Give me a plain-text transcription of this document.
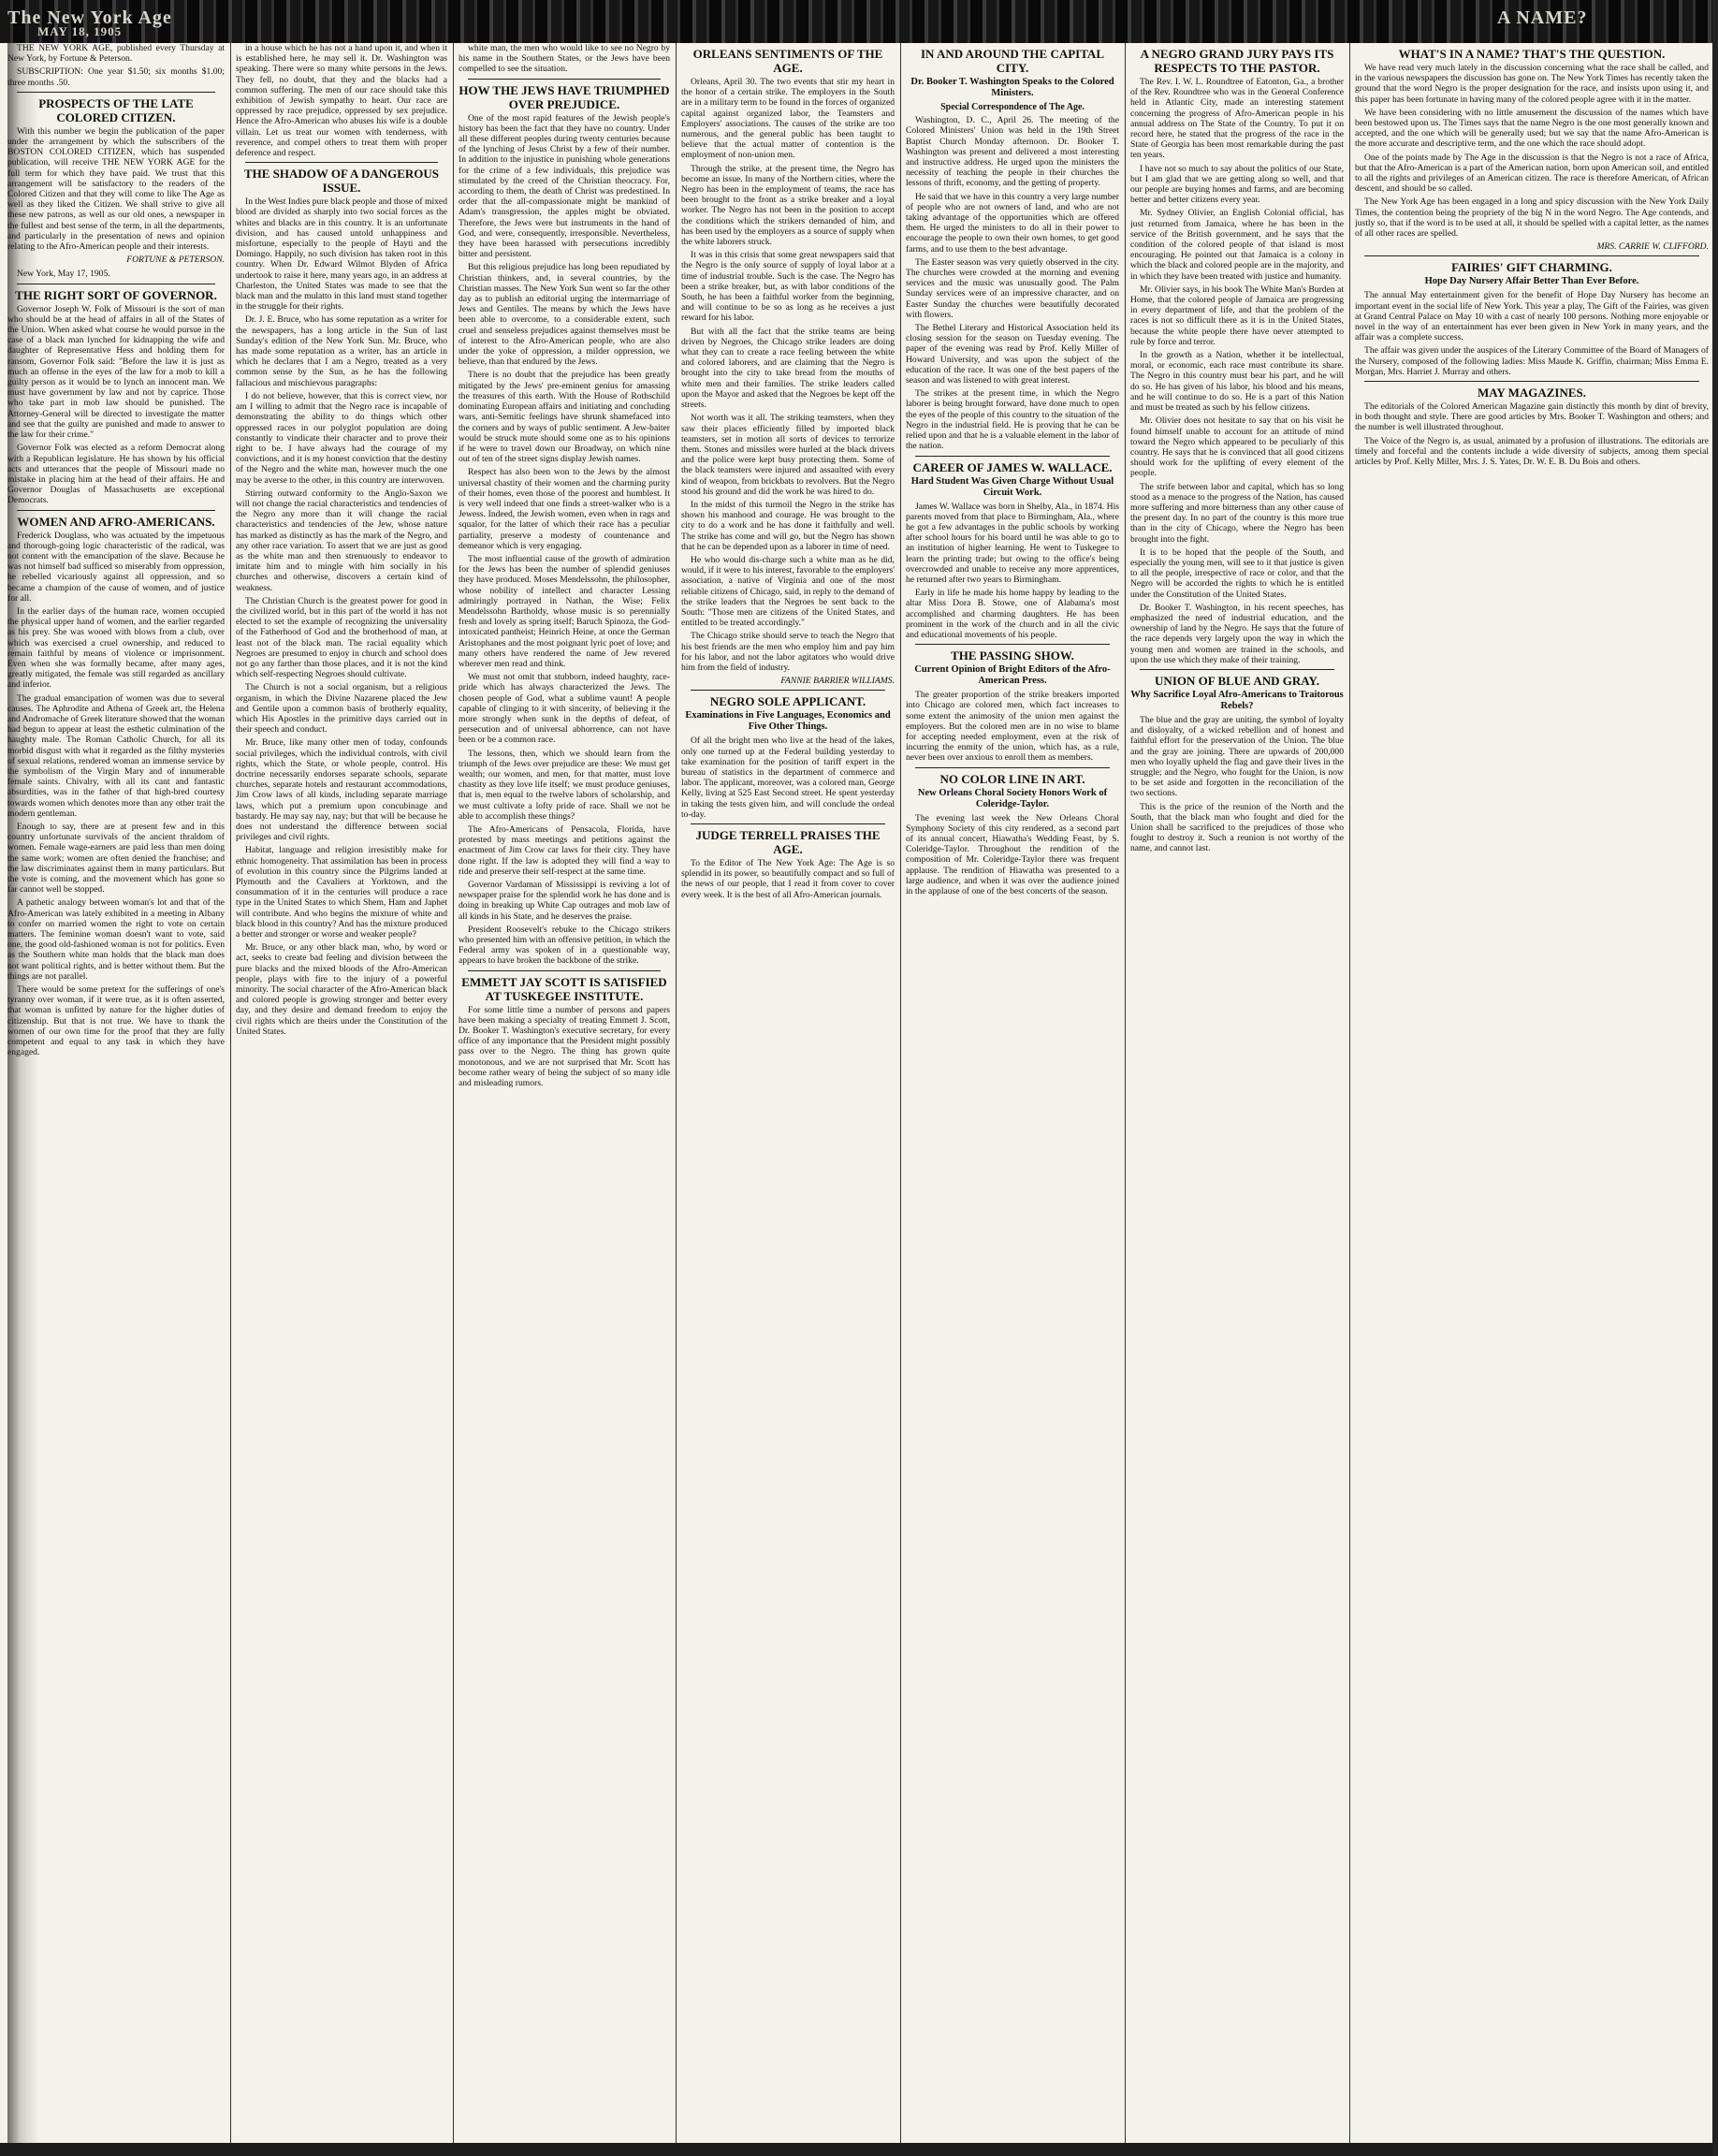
The New York Age
MAY 18, 1905
A NAME?

THE NEW YORK AGE, published every Thursday at New York, by Fortune & Peterson.

SUBSCRIPTION: One year $1.50; six months $1.00; three months .50.

PROSPECTS OF THE LATE COLORED CITIZEN.

With this number we begin the publication of the paper under the arrangement by which the subscribers of the BOSTON COLORED CITIZEN, which has suspended publication, will receive THE NEW YORK AGE for the full term for which they have paid. We trust that this arrangement will be satisfactory to the readers of the Colored Citizen and that they will come to like The Age as well as they liked the Citizen. We shall strive to give all these new patrons, as well as our old ones, a newspaper in the fullest and best sense of the term, in all the departments, and particularly in the presentation of news and opinion relating to the Afro-American people and their interests.

FORTUNE & PETERSON.

New York, May 17, 1905.

THE RIGHT SORT OF GOVERNOR.

Governor Joseph W. Folk of Missouri is the sort of man who should be at the head of affairs in all of the States of the Union. When asked what course he would pursue in the case of a black man lynched for kidnapping the wife and daughter of Representative Hess and holding them for ransom, Governor Folk said: "Before the law it is just as much an offense in the eyes of the law for a mob to kill a guilty person as it would be to lynch an innocent man. We must have government by law and not by caprice. Those who take part in mob law should be punished. The Attorney-General will be directed to investigate the matter and see that the guilty are punished and made to answer to the law for their crime."

Governor Folk was elected as a reform Democrat along with a Republican legislature. He has shown by his official acts and utterances that the people of Missouri made no mistake in placing him at the head of their affairs. He and Governor Douglas of Massachusetts are exceptional Democrats.

WOMEN AND AFRO-AMERICANS.

Frederick Douglass, who was actuated by the impetuous and thorough-going logic characteristic of the radical, was not content with the emancipation of the slave. Because he was not himself bad sufficed so miserably from oppression, he rebelled vicariously against all oppression, and so became a champion of the cause of women, and of justice for all.

In the earlier days of the human race, women occupied the physical upper hand of women, and the earlier regarded as his prey. She was wooed with blows from a club, over which was exercised a cruel ownership, and reduced to remain faithful by means of violence or imprisonment. Even when she was formally became, after many ages, greatly mitigated, the female was still regarded as ancillary and inferior.

The gradual emancipation of women was due to several causes. The Aphrodite and Athena of Greek art, the Helena and Andromache of Greek literature showed that the woman had begun to appear at least the esthetic culmination of the haughty male. The Roman Catholic Church, for all its morbid disgust with what it regarded as the filthy mysteries of sexual relations, rendered woman an immense service by the symbolism of the Virgin Mary and of innumerable female saints. Chivalry, with all its cant and fantastic absurdities, was in the father of that high-bred courtesy towards women which denotes more than any other trait the modern gentleman.

Enough to say, there are at present few and in this country unfortunate survivals of the ancient thraldom of women. Female wage-earners are paid less than men doing the same work; women are often denied the franchise; and the law discriminates against them in many particulars. But the vote is coming, and the movement which has gone so far cannot well be stopped.

A pathetic analogy between woman's lot and that of the Afro-American was lately exhibited in a meeting in Albany to confer on married women the right to vote on certain matters. The feminine woman doesn't want to vote, said one, the good old-fashioned woman is not for politics. Even as the Southern white man holds that the black man does not want political rights, and is better without them. But the things are not parallel.

There would be some pretext for the sufferings of one's tyranny over woman, if it were true, as it is often asserted, that woman is unfitted by nature for the higher duties of citizenship. But that is not true. We have to thank the women of our own time for the proof that they are fully competent and equal to any task in which they have engaged.

in a house which he has not a hand upon it, and when it is established here, he may sell it. Dr. Washington was speaking. There were so many white persons in the Jews. They fell, no doubt, that they and the blacks had a common suffering. The men of our race should take this exhibition of Jewish sympathy to heart. Our race are oppressed by race prejudice, oppressed by sex prejudice. Hence the Afro-American who abuses his wife is a double villain. Let us treat our women with tenderness, with reverence, and compel others to treat them with proper deference and respect.

THE SHADOW OF A DANGEROUS ISSUE.

In the West Indies pure black people and those of mixed blood are divided as sharply into two social forces as the whites and blacks are in this country. It is an unfortunate division, and has caused untold unhappiness and misfortune, especially to the people of Hayti and the Domingo. Happily, no such division has taken root in this country. When Dr. Edward Wilmot Blyden of Africa undertook to raise it here, many years ago, in an address at Charleston, the United States was made to see that the black man and the mulatto in this land must stand together in the struggle for their rights.

Dr. J. E. Bruce, who has some reputation as a writer for the newspapers, has a long article in the Sun of last Sunday's edition of the New York Sun. Mr. Bruce, who has made some reputation as a writer, has an article in which he declares that I am a Negro, treated as a very common sense by the Sun, as he has the following fallacious and mischievous paragraphs:

I do not believe, however, that this is correct view, nor am I willing to admit that the Negro race is incapable of demonstrating the ability to do things which other oppressed races in our polyglot population are doing constantly to vindicate their character and to prove their right to be. I have always had the courage of my convictions, and it is my honest conviction that the destiny of the Negro and the white man, however much the one may be averse to the other, in this country are interwoven.

Stirring outward conformity to the Anglo-Saxon we will not change the racial characteristics and tendencies of the Negro any more than it will change the racial characteristics and tendencies of the Jew, whose nature has marked as distinctly as has the mark of the Negro, and any other race variation. To assert that we are just as good as the white man and then strenuously to endeavor to imitate him and to mingle with him socially in his churches and otherwise, discovers a certain kind of weakness.

The Christian Church is the greatest power for good in the civilized world, but in this part of the world it has not elected to set the example of recognizing the universality of the Fatherhood of God and the brotherhood of man, at least not of the black man. The racial equality which Negroes are presumed to enjoy in church and school does not go any farther than those places, and it is not the kind which self-respecting Negroes should cultivate.

The Church is not a social organism, but a religious organism, in which the Divine Nazarene placed the Jew and Gentile upon a common basis of brotherly equality, which His Apostles in the primitive days carried out in their speech and conduct.

Mr. Bruce, like many other men of today, confounds social privileges, which the individual controls, with civil rights, which the State, or whole people, control. His doctrine necessarily endorses separate schools, separate churches, separate hotels and restaurant accommodations, Jim Crow laws of all kinds, including separate marriage laws, which put a premium upon concubinage and bastardy. He may say nay, nay; but that will be because he does not understand the difference between social privileges and civil rights.

Habitat, language and religion irresistibly make for ethnic homogeneity. That assimilation has been in process of evolution in this country since the Pilgrims landed at Plymouth and the Cavaliers at Yorktown, and the consummation of it in the centuries will produce a race type in the United States to which Shem, Ham and Japhet will contribute. And who begins the mixture of white and black blood in this country? And has the mixture produced a better and stronger or worse and weaker people?

Mr. Bruce, or any other black man, who, by word or act, seeks to create bad feeling and division between the pure blacks and the mixed bloods of the Afro-American people, plays with fire to the injury of a powerful minority. The social character of the Afro-American black and colored people is growing stronger and better every day, and they desire and demand freedom to enjoy the civil rights which are theirs under the Constitution of the United States.

white man, the men who would like to see no Negro by his name in the Southern States, or the Jews have been compelled to see the situation.

HOW THE JEWS HAVE TRIUMPHED OVER PREJUDICE.

One of the most rapid features of the Jewish people's history has been the fact that they have no country. Under all these different peoples during twenty centuries because of the lynching of Jesus Christ by a few of their number. In addition to the injustice in punishing whole generations for the crime of a few individuals, this prejudice was stimulated by the creed of the Christian theocracy. For, according to them, the death of Christ was predestined. In order that the all-compassionate might be mankind of Adam's transgression, the apples might be obviated. Therefore, the Jews were but instruments in the hand of God, and were, consequently, irresponsible. Nevertheless, they have been harassed with persecutions incredibly bitter and persistent.

But this religious prejudice has long been repudiated by Christian thinkers, and, in several countries, by the Christian masses. The New York Sun went so far the other day as to publish an editorial urging the intermarriage of Jews and Gentiles. The means by which the Jews have been able to overcome, to a considerable extent, such cruel and senseless prejudices against themselves must be of interest to the Afro-American people, who are also under the yoke of oppression, a milder oppression, we believe, than that endured by the Jews.

There is no doubt that the prejudice has been greatly mitigated by the Jews' pre-eminent genius for amassing the treasures of this earth. With the House of Rothschild dominating European affairs and initiating and concluding wars, anti-Semitic feelings have shrunk shamefaced into the corners and by ways of public sentiment. A Jew-baiter would be struck mute should some one as to his opinions if he were to travel down our Broadway, on which nine out of ten of the street signs display Jewish names.

Respect has also been won to the Jews by the almost universal chastity of their women and the charming purity of their homes, even those of the poorest and humblest. It is very well indeed that one finds a street-walker who is a Jewess. Indeed, the Jewish women, even when in rags and squalor, for the latter of which their race has a peculiar partiality, preserve a modesty of countenance and demeanor which is very engaging.

The most influential cause of the growth of admiration for the Jews has been the number of splendid geniuses they have produced. Moses Mendelssohn, the philosopher, whose nobility of intellect and character Lessing admiringly portrayed in Nathan, the Wise; Felix Mendelssohn Bartholdy, whose music is so perennially fresh and lovely as spring itself; Baruch Spinoza, the God-intoxicated pantheist; Heinrich Heine, at once the German Aristophanes and the most poignant lyric poet of love; and many others have rendered the name of Jew revered wherever men read and think.

We must not omit that stubborn, indeed haughty, race-pride which has always characterized the Jews. The chosen people of God, what a sublime vaunt! A people capable of clinging to it with sincerity, of believing it the more strongly when sunk in the depths of defeat, of persecution and of universal abhorrence, can not have been or be a common race.

The lessons, then, which we should learn from the triumph of the Jews over prejudice are these: We must get wealth; our women, and men, for that matter, must love chastity as they love life itself; we must produce geniuses, that is, men equal to the twelve labors of scholarship, and we must cultivate a lofty pride of race. Shall we not be able to accomplish these things?

The Afro-Americans of Pensacola, Florida, have protested by mass meetings and petitions against the enactment of Jim Crow car laws for their city. They have done right. If the law is adopted they will find a way to ride and preserve their self-respect at the same time.

Governor Vardaman of Mississippi is reviving a lot of newspaper praise for the splendid work he has done and is doing in breaking up White Cap outrages and mob law of all kinds in his State, and he deserves the praise.

President Roosevelt's rebuke to the Chicago strikers who presented him with an offensive petition, in which the Federal army was spoken of in a questionable way, appears to have broken the backbone of the strike.

EMMETT JAY SCOTT IS SATISFIED AT TUSKEGEE INSTITUTE.

For some little time a number of persons and papers have been making a specialty of treating Emmett J. Scott, Dr. Booker T. Washington's executive secretary, for every office of any importance that the President might possibly pass over to the Negro. The thing has grown quite monotonous, and we are not surprised that Mr. Scott has become rather weary of being the subject of so many idle and misleading rumors.

ORLEANS SENTIMENTS OF THE AGE.

Orleans, April 30. The two events that stir my heart in the honor of a certain strike. The employers in the South are in a military term to be found in the forces of organized capital against organized labor, the Teamsters and Employers' associations. The causes of the strike are too numerous, and the general public has been taught to believe that the actual matter of contention is the employment of non-union men.

Through the strike, at the present time, the Negro has become an issue. In many of the Northern cities, where the Negro has been in the employment of teams, the race has been brought to the front as a strike breaker and a loyal worker. The Negro has not been in the position to accept the conditions which the strikers demanded of him, and has been used by the employers as a source of supply when the white laborers struck.

It was in this crisis that some great newspapers said that the Negro is the only source of supply of loyal labor at a time of industrial trouble. Such is the case. The Negro has been a strike breaker, but, as with labor conditions of the South, he has been a faithful worker from the beginning, and will continue to be so as long as he receives a just reward for his labor.

But with all the fact that the strike teams are being driven by Negroes, the Chicago strike leaders are doing what they can to create a race feeling between the white and colored laborers, and are claiming that the Negro is brought into the city to take bread from the mouths of white men and their families. The strike leaders called upon the Mayor and asked that the Negroes be kept off the streets.

Not worth was it all. The striking teamsters, when they saw their places efficiently filled by imported black teamsters, set in motion all sorts of devices to terrorize them. Stones and missiles were hurled at the black drivers and the police were kept busy protecting them. Some of the black teamsters were injured and assaulted with every kind of weapon, from brickbats to revolvers. But the Negro stood his ground and did the work he was hired to do.

In the midst of this turmoil the Negro in the strike has shown his manhood and courage. He was brought to the city to do a work and he has done it faithfully and well. The strike has come and will go, but the Negro has shown that he can be depended upon as a laborer in time of need.

He who would dis-charge such a white man as he did, would, if it were to his interest, favorable to the employers' association, a native of Virginia and one of the most reliable citizens of Chicago, said, in reply to the demand of the strike leaders that the Negroes be sent back to the South: "Those men are citizens of the United States, and entitled to be treated accordingly."

The Chicago strike should serve to teach the Negro that his best friends are the men who employ him and pay him for his labor, and not the labor agitators who would drive him from the field of industry.

FANNIE BARRIER WILLIAMS.
NEGRO SOLE APPLICANT.
Examinations in Five Languages, Economics and Five Other Things.

Of all the bright men who live at the head of the lakes, only one turned up at the Federal building yesterday to take examination for the position of tariff expert in the bureau of statistics in the department of commerce and labor. The applicant, moreover, was a colored man, George Kelly, living at 525 East Second street. He spent yesterday in taking the tests given him, and will conclude the ordeal to-day.

JUDGE TERRELL PRAISES THE AGE.

To the Editor of The New York Age: The Age is so splendid in its power, so beautifully compact and so full of the news of our people, that I read it from cover to cover every week. It is the best of all Afro-American journals.

IN AND AROUND THE CAPITAL CITY.
Dr. Booker T. Washington Speaks to the Colored Ministers.
Special Correspondence of The Age.

Washington, D. C., April 26. The meeting of the Colored Ministers' Union was held in the 19th Street Baptist Church Monday afternoon. Dr. Booker T. Washington was present and delivered a most interesting and instructive address. He urged upon the ministers the necessity of teaching the people in their churches the lessons of thrift, economy, and the getting of property.

He said that we have in this country a very large number of people who are not owners of land, and who are not taking advantage of the opportunities which are offered them. He urged the ministers to do all in their power to encourage the people to own their own homes, to get good farms, and to use them to the best advantage.

The Easter season was very quietly observed in the city. The churches were crowded at the morning and evening services and the music was unusually good. The Palm Sunday services were of an impressive character, and on Easter Sunday the churches were beautifully decorated with flowers.

The Bethel Literary and Historical Association held its closing session for the season on Tuesday evening. The paper of the evening was read by Prof. Kelly Miller of Howard University, and was upon the subject of the education of the race. It was one of the best papers of the season and was listened to with great interest.

The strikes at the present time, in which the Negro laborer is being brought forward, have done much to open the eyes of the people of this country to the situation of the Negro in the industrial field. He is proving that he can be relied upon and that he is a valuable element in the labor of the nation.

CAREER OF JAMES W. WALLACE.
Hard Student Was Given Charge Without Usual Circuit Work.

James W. Wallace was born in Shelby, Ala., in 1874. His parents moved from that place to Birmingham, Ala., where he got a few advantages in the public schools by working after school hours for his board until he was able to go to an institution of higher learning. He went to Tuskegee to learn the printing trade; but owing to the office's being overcrowded and unable to receive any more apprentices, he returned after two years to Birmingham.

Early in life he made his home happy by leading to the altar Miss Dora B. Stowe, one of Alabama's most accomplished and charming daughters. He has been prominent in the work of the church and in all the civic and educational movements of his people.

THE PASSING SHOW.
Current Opinion of Bright Editors of the Afro-American Press.

The greater proportion of the strike breakers imported into Chicago are colored men, which fact increases to some extent the animosity of the union men against the employers. But the colored men are in no wise to blame for accepting needed employment, even at the risk of incurring the enmity of the union, which has, as a rule, never been over anxious to enroll them as members.

NO COLOR LINE IN ART.
New Orleans Choral Society Honors Work of Coleridge-Taylor.

The evening last week the New Orleans Choral Symphony Society of this city rendered, as a second part of its annual concert, Hiawatha's Wedding Feast, by S. Coleridge-Taylor. Throughout the rendition of the composition of Mr. Coleridge-Taylor there was frequent applause. The rendition of Hiawatha was presented to a large audience, and when it was over the audience joined in the applause of one of the best concerts of the season.

A NEGRO GRAND JURY PAYS ITS RESPECTS TO THE PASTOR.

The Rev. I. W. L. Roundtree of Eatonton, Ga., a brother of the Rev. Roundtree who was in the General Conference held in Atlantic City, made an interesting statement concerning the progress of Afro-American people in his annual address on The State of the Country. To put it on record here, he stated that the progress of the race in the State of Georgia has been most remarkable during the past ten years.

I have not so much to say about the politics of our State, but I am glad that we are getting along so well, and that our people are buying homes and farms, and are becoming better and better citizens every year.

Mr. Sydney Olivier, an English Colonial official, has just returned from Jamaica, where he has been in the service of the British government, and he says that the condition of the colored people of that island is most encouraging. He pointed out that Jamaica is a colony in which the black and colored people are in the majority, and in which they have been treated with justice and humanity.

Mr. Olivier says, in his book The White Man's Burden at Home, that the colored people of Jamaica are progressing in every department of life, and that the problem of the races is not so difficult there as it is in the United States, because the white people there have never attempted to rule by force and terror.

In the growth as a Nation, whether it be intellectual, moral, or economic, each race must contribute its share. The Negro in this country must bear his part, and he will do so. He has given of his labor, his blood and his means, and he will continue to do so. He is a part of this Nation and must be treated as such by his fellow citizens.

Mr. Olivier does not hesitate to say that on his visit he found himself unable to account for an attitude of mind toward the Negro which appeared to be peculiarly of this country. He says that he is convinced that all good citizens should work for the uplifting of every element of the people.

The strife between labor and capital, which has so long stood as a menace to the progress of the Nation, has caused more suffering and more bitterness than any other cause of the present day. In no part of the country is this more true than in the city of Chicago, where the Negro has been brought into the fight.

It is to be hoped that the people of the South, and especially the young men, will see to it that justice is given to all the people, irrespective of race or color, and that the Negro will be accorded the rights to which he is entitled under the Constitution of the United States.

Dr. Booker T. Washington, in his recent speeches, has emphasized the need of industrial education, and the ownership of land by the Negro. He says that the future of the race depends very largely upon the way in which the young men and women are trained in the schools, and upon the use which they make of their training.

UNION OF BLUE AND GRAY.
Why Sacrifice Loyal Afro-Americans to Traitorous Rebels?

The blue and the gray are uniting, the symbol of loyalty and disloyalty, of a wicked rebellion and of honest and faithful effort for the preservation of the Union. The blue and the gray are joining. There are upwards of 200,000 men who loyally upheld the flag and gave their lives in the struggle; and the Negro, who fought for the Union, is now to be set aside and forgotten in the reconciliation of the two sections.

This is the price of the reunion of the North and the South, that the black man who fought and died for the Union shall be sacrificed to the prejudices of those who fought to destroy it. Such a reunion is not worthy of the name, and cannot last.

WHAT'S IN A NAME? THAT'S THE QUESTION.

We have read very much lately in the discussion concerning what the race shall be called, and in the various newspapers the discussion has gone on. The New York Times has recently taken the ground that the word Negro is the proper designation for the race, and insists upon using it, and this paper has been fortunate in having many of the colored people agree with it in the matter.

We have been considering with no little amusement the discussion of the names which have been bestowed upon us. The Times says that the name Negro is the one most generally known and accepted, and the one which will be generally used; but we say that the name Afro-American is the more accurate and descriptive term, and the one which the race should adopt.

One of the points made by The Age in the discussion is that the Negro is not a race of Africa, but that the Afro-American is a part of the American nation, born upon American soil, and entitled to all the rights and privileges of an American citizen. The race is therefore American, of African descent, and should be so called.

The New York Age has been engaged in a long and spicy discussion with the New York Daily Times, the contention being the propriety of the big N in the word Negro. The Age contends, and justly so, that if the word is to be used at all, it should be spelled with a capital letter, as the names of all other races are spelled.

MRS. CARRIE W. CLIFFORD.
FAIRIES' GIFT CHARMING.
Hope Day Nursery Affair Better Than Ever Before.

The annual May entertainment given for the benefit of Hope Day Nursery has become an important event in the social life of New York. This year a play, The Gift of the Fairies, was given at Grand Central Palace on May 10 with a cast of nearly 100 persons. Nothing more enjoyable or novel in the way of an entertainment has ever been given in New York in many years, and the affair was a complete success.

The affair was given under the auspices of the Literary Committee of the Board of Managers of the Nursery, composed of the following ladies: Miss Maude K. Griffin, chairman; Miss Emma E. Morgan, Mrs. Harriet J. Murray and others.

MAY MAGAZINES.

The editorials of the Colored American Magazine gain distinctly this month by dint of brevity, in both thought and style. There are good articles by Mrs. Booker T. Washington and others; and the number is well illustrated throughout.

The Voice of the Negro is, as usual, animated by a profusion of illustrations. The editorials are timely and forceful and the contents include a wide diversity of subjects, among them special articles by Prof. Kelly Miller, Mrs. J. S. Yates, Dr. W. E. B. Du Bois and others.
